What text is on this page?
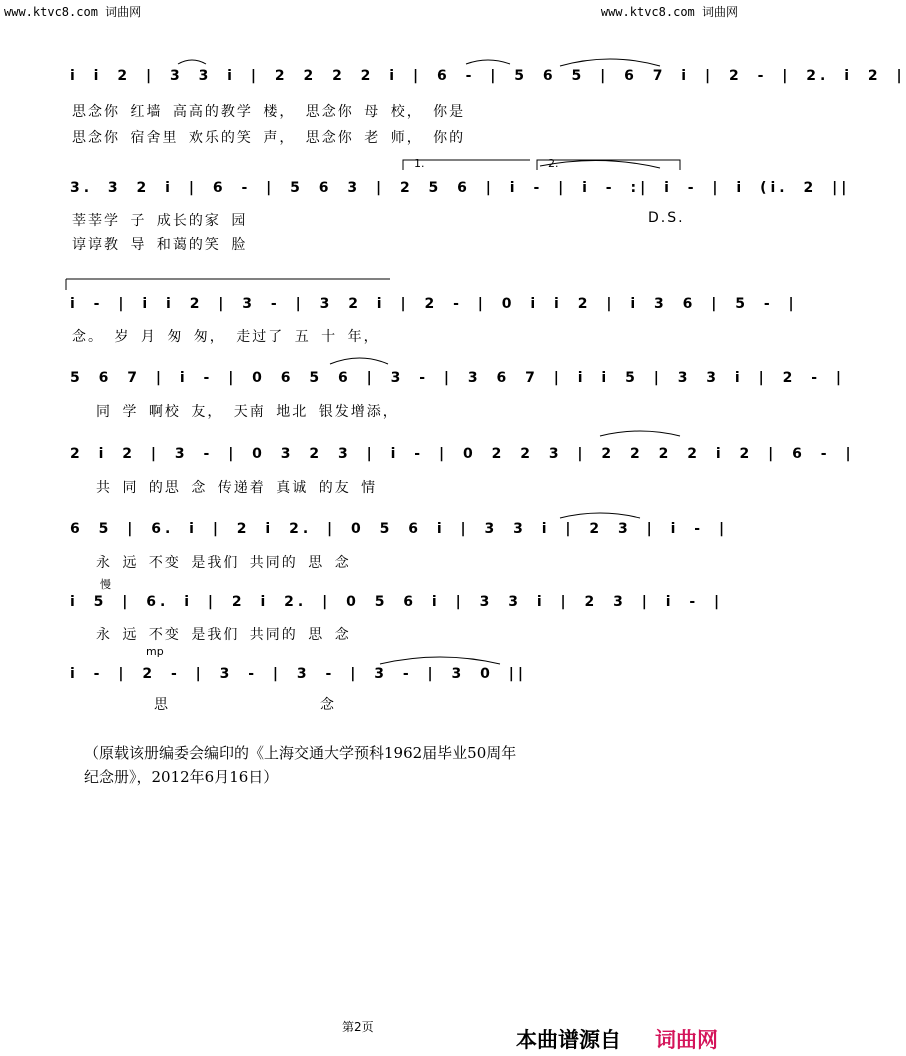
www.ktvc8.com 词曲网	www.ktvc8.com 词曲网
i i 2 | 3 3 i | 2 2 2 2 i | 6 - | 5 6 5 | 6 7 i | 2 - | 2. i 2 |
思念你 红墙 高高的教学 楼， 思念你 母 校， 你是
思念你 宿舍里 欢乐的笑 声， 思念你 老 师， 你的
1.	2.
3. 3 2 i | 6 - | 5 6 3 | 2 5 6 | i - | i - :| i - | i (i. 2 ||
莘莘学 子 成长的家 园
谆谆教 导 和蔼的笑 脸
D.S.
i - | i i 2 | 3 - | 3 2 i | 2 - | 0 i i 2 | i 3 6 | 5 - |
念。 岁 月 匆 匆， 走过了 五 十 年，
5 6 7 | i - | 0 6 5 6 | 3 - | 3 6 7 | i i 5 | 3 3 i | 2 - |
同 学 啊校 友， 天南 地北 银发增添，
2 i 2 | 3 - | 0 3 2 3 | i - | 0 2 2 3 | 2 2 2 2 i 2 | 6 - |
共 同 的思 念 传递着 真诚 的友 情
6 5 | 6. i | 2 i 2. | 0 5 6 i | 3 3 i | 2 3 | i - |
永 远 不变 是我们 共同的 思 念
慢
i 5 | 6. i | 2 i 2. | 0 5 6 i | 3 3 i | 2 3 | i - |
永 远 不变 是我们 共同的 思 念
mp
i - | 2 - | 3 - | 3 - | 3 - | 3 0 ||
思	念
（原载该册编委会编印的《上海交通大学预科1962届毕业50周年
纪念册》，2012年6月16日）
第2页
本曲谱源自 词曲网
